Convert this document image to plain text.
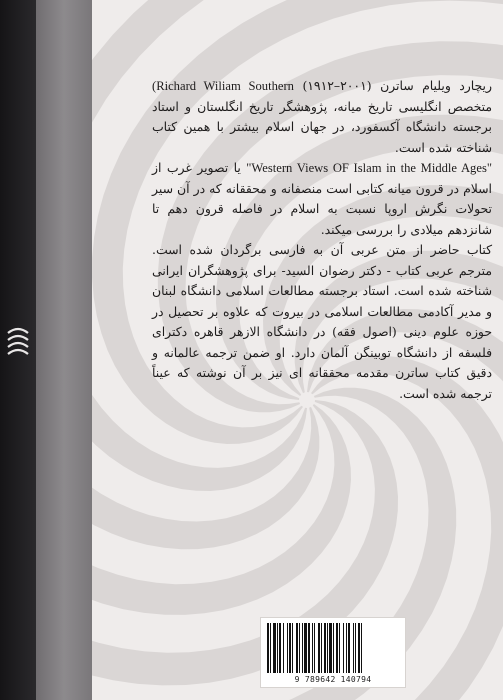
ریچارد ویلیام ساترن (۲۰۰۱–۱۹۱۲) (Richard Wiliam Southern متخصص انگلیسی تاریخ میانه، پژوهشگر تاریخ انگلستان و استاد برجسته دانشگاه آکسفورد، در جهان اسلام بیشتر با همین کتاب شناخته شده است.

"Western Views OF Islam in the Middle Ages" یا تصویر غرب از اسلام در قرون میانه کتابی است منصفانه و محققانه که در آن سیر تحولات نگرش اروپا نسبت به اسلام در فاصله قرون دهم تا شانزدهم میلادی را بررسی میکند.

کتاب حاضر از متن عربی آن به فارسی برگردان شده است. مترجم عربی کتاب - دکتر رضوان السید- برای پژوهشگران ایرانی شناخته شده است. استاد برجسته مطالعات اسلامی دانشگاه لبنان و مدیر آکادمی مطالعات اسلامی در بیروت که علاوه بر تحصیل در حوزه علوم دینی (اصول فقه) در دانشگاه الازهر قاهره دکترای فلسفه از دانشگاه توبینگن آلمان دارد. او ضمن ترجمه عالمانه و دقیق کتاب ساترن مقدمه محققانه ای نیز بر آن نوشته که عیناً ترجمه شده است.

9 789642 140794
